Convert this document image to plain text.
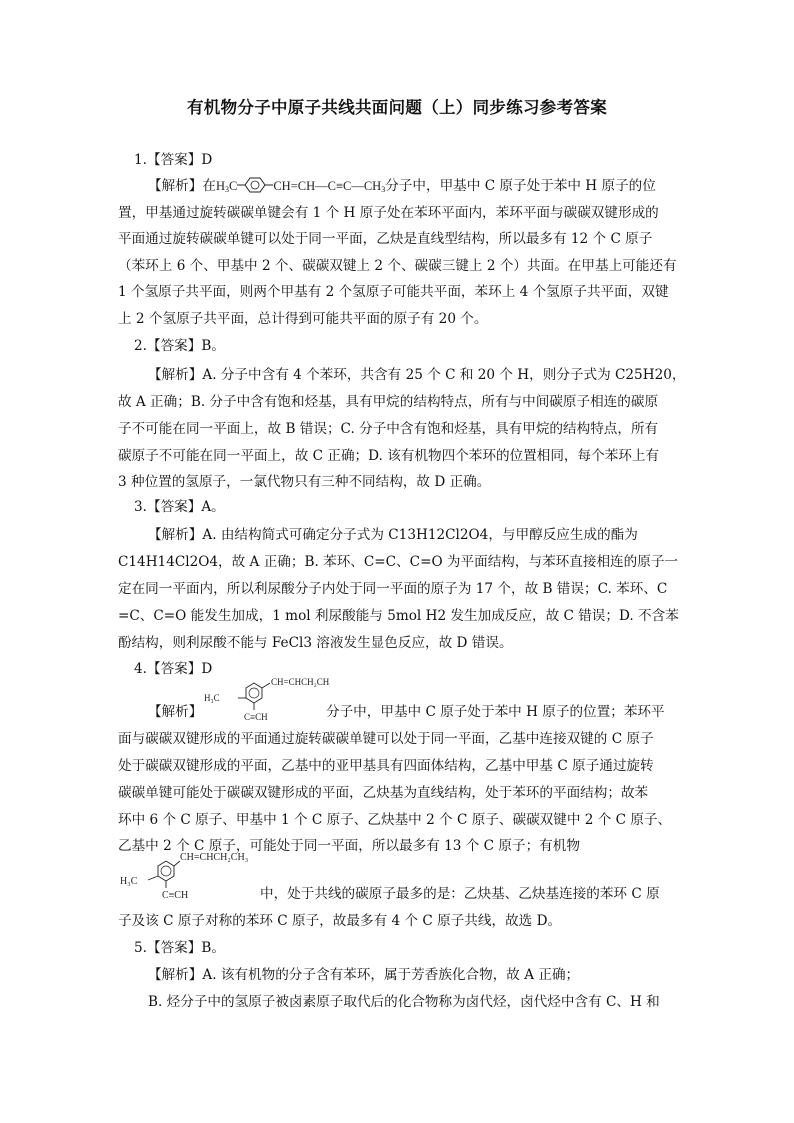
有机物分子中原子共线共面问题（上）同步练习参考答案
1.【答案】D
【解析】在$H_3C$	$CH=CH—C\equiv C—CH_3$分子中，甲基中 C 原子处于苯中 H 原子的位
置，甲基通过旋转碳碳单键会有 1 个 H 原子处在苯环平面内，苯环平面与碳碳双键形成的
平面通过旋转碳碳单键可以处于同一平面，乙炔是直线型结构，所以最多有 12 个 C 原子
（苯环上 6 个、甲基中 2 个、碳碳双键上 2 个、碳碳三键上 2 个）共面。在甲基上可能还有
1 个氢原子共平面，则两个甲基有 2 个氢原子可能共平面，苯环上 4 个氢原子共平面，双键
上 2 个氢原子共平面，总计得到可能共平面的原子有 20 个。
2.【答案】B。
【解析】A. 分子中含有 4 个苯环，共含有 25 个 C 和 20 个 H，则分子式为 C25H20，
故 A 正确；B. 分子中含有饱和烃基，具有甲烷的结构特点，所有与中间碳原子相连的碳原
子不可能在同一平面上，故 B 错误；C. 分子中含有饱和烃基，具有甲烷的结构特点，所有
碳原子不可能在同一平面上，故 C 正确；D. 该有机物四个苯环的位置相同，每个苯环上有
3 种位置的氢原子，一氯代物只有三种不同结构，故 D 正确。
3.【答案】A。
【解析】A. 由结构简式可确定分子式为 C13H12Cl2O4，与甲醇反应生成的酯为
C14H14Cl2O4，故 A 正确；B. 苯环、C=C、C=O 为平面结构，与苯环直接相连的原子一
定在同一平面内，所以利尿酸分子内处于同一平面的原子为 17 个，故 B 错误；C. 苯环、C
=C、C=O 能发生加成，1 mol 利尿酸能与 5mol H2 发生加成反应，故 C 错误；D. 不含苯
酚结构，则利尿酸不能与 FeCl3 溶液发生显色反应，故 D 错误。
4.【答案】D
CH=CHCH₂CH₃
H₃C
C≡CH
【解析】	分子中，甲基中 C 原子处于苯中 H 原子的位置；苯环平
面与碳碳双键形成的平面通过旋转碳碳单键可以处于同一平面，乙基中连接双键的 C 原子
处于碳碳双键形成的平面，乙基中的亚甲基具有四面体结构，乙基中甲基 C 原子通过旋转
碳碳单键可能处于碳碳双键形成的平面，乙炔基为直线结构，处于苯环的平面结构；故苯
环中 6 个 C 原子、甲基中 1 个 C 原子、乙炔基中 2 个 C 原子、碳碳双键中 2 个 C 原子、
乙基中 2 个 C 原子，可能处于同一平面，所以最多有 13 个 C 原子；有机物
CH=CHCH₂CH₃
H₃C
C≡CH	中，处于共线的碳原子最多的是：乙炔基、乙炔基连接的苯环 C 原
子及该 C 原子对称的苯环 C 原子，故最多有 4 个 C 原子共线，故选 D。
5.【答案】B。
【解析】A. 该有机物的分子含有苯环，属于芳香族化合物，故 A 正确；
B. 烃分子中的氢原子被卤素原子取代后的化合物称为卤代烃，卤代烃中含有 C、H 和
